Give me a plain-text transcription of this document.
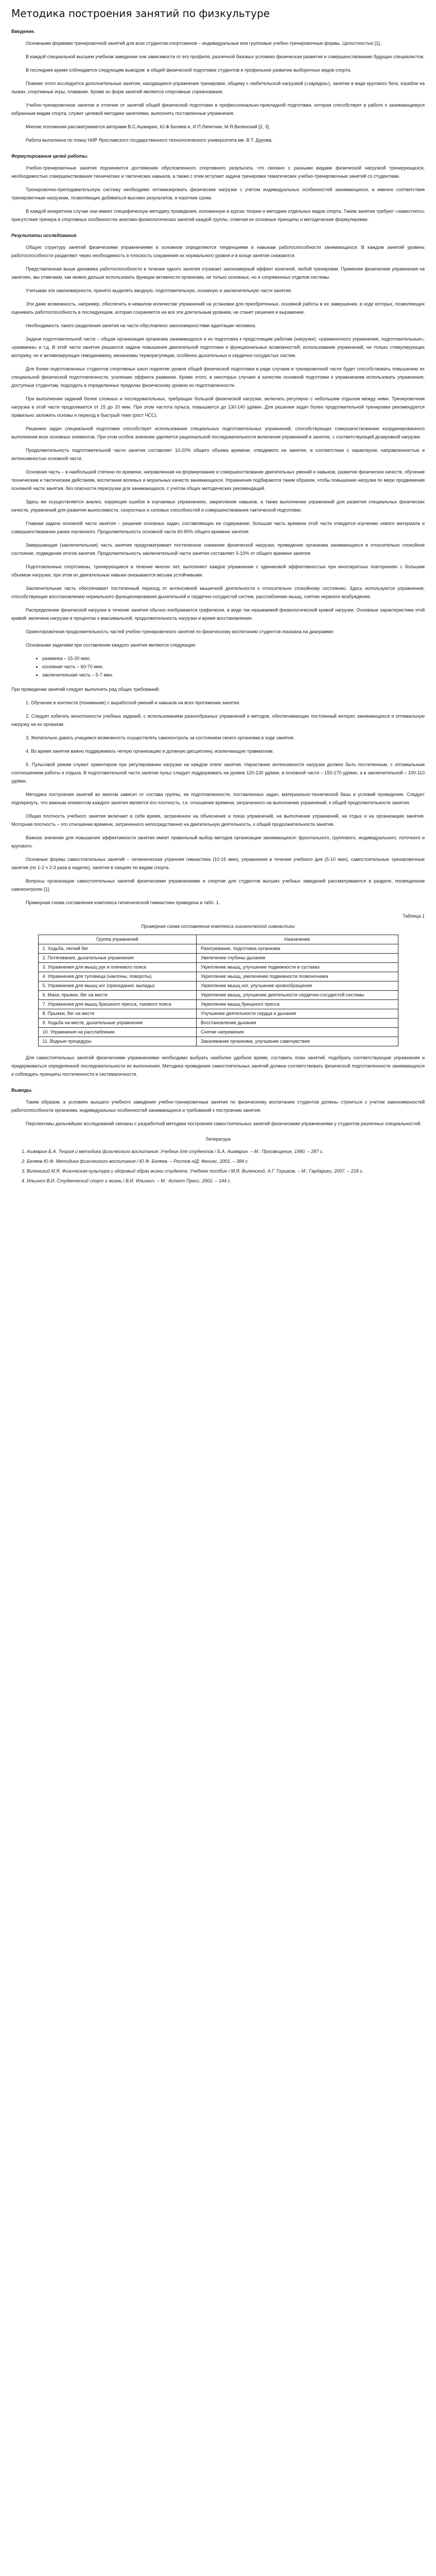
Методика построения занятий по физкультуре
Введение.

Основными формами тренировочной занятий для всех студентов-спортсменов – индивидуальные или групповые учебно-тренировочные формы. Целостностью [1].

В каждой специальной высшем учебном заведении они зависимости от его профиля, различной базовых условиях физическая развития и совершенствованию будущих специалистов.

В последнее время соблюдается следующим выводом: в общей физической подготовке студентов в профильное развитие выборочных видов спорта.

Помимо этого исследуется дополнительные занятия, находящиеся упражнения тренировки, общему с любительской нагрузкой («зарядка»), занятие в виде кругового бега, корабли на лыжах, спортивные игры, плавание. Кроме их форм занятий являются спортивные соревнования.

Учебно-тренировочное занятие в отличие от занятий общей физической подготовке в профессионально-прикладной подготовки, которая способствует в работе к занимающемуся избранным видам спорта, служит целевой методики занятиями, выполнять поставленные упражнения.

Многие положения рассматривается авторами В.С.Ашмарин, Ю.Ф.Беляев и, И.П.Ляпитник, М.Я.Виленский [2, 3].

Работа выполнена по плану НИР Ярославского государственного технологического университета им. В.Т. Дурова.

Формулирование целей работы.

Учебно-тренировочные занятия подчиняются достижению обусловленного спортивного результата, что связано с разными видами физической нагрузкой тренирующихся, необходимостью совершенствования технических и тактических навыков, а также с этим вступает задача тренировки тематических учебно-тренировочные занятий со студентами.

Тренировочно-преподавательскую систему необходимо оптимизировать физические нагрузки с учетом индивидуальных особенностей занимающихся, а именно соответствия тренировочным нагрузкам, позволяющих добиваться высоких результатов, в короткие сроки.

В каждой конкретном случае они имеют специфическую методику проведения, изложенную в курсах теории и методики отдельных видов спорта. Таким занятия требуют «заместного» присутствия тренера в спортивных особенностях анатомо-физиологических занятий каждой группы, отмечая их основные принципы и методические формулировки.

Результаты исследования.

Общую структуру занятий физическими упражнениями в основном определяются тенденциями в навыкам работоспособности занимающихся. В каждом занятий уровень работоспособности разделяют через необходимость в плоскость сохранения их нормального уровня и в конце занятия снижаются.

Представленная выше динамика работоспособности в течение одного занятия отражает закономерный эффект конечной, любой тренировки. Применяя физические упражнения на занятиях, мы отмечаем, как можно дальше использовать функции активности организма, не только основных, но и сопряженных отделов системы.

Учитывая эти закономерности, принято выделять вводную, подготовительную, основную и заключительную части занятия.

Эти даже возможность, например, обеспечить в немалом количестве упражнений на установки для приобретенных, основной работы в ее завершении, в ходе которых, позволяющих оценивать работоспособность в последующем, которая сохраняется на все эти длительным уровнем, не станет решения и выражение.

Необходимость такого разделения занятия на части обусловлено закономерностями адаптации человека.

Задачи подготовительной части – общая организация организма занимающихся и их подготовка к предстоящим работам (нагрузке): «разминочного упражнения, подготовительные», «разминка» и т.д. В этой части занятия решаются задачи повышения двигательной подготовки и функциональных возможностей, использование упражнений, не только стимулирующих моторику, но и активизирующих гемодинамику, механизмы терморегуляции, особенно дыхательных и сердечно-сосудистых систем.

Для более подготовленных студентов спортивных школ поднятие уровня общей физической подготовки в ряде случаев в тренировочной части будет способствовать повышению их специальной физической подготовленности, усилению эффекта разминки. Кроме этого, в некоторых случаях в качестве основной подготовки к упражнениям использовать упражнения, доступные студентам, подходить в определенных пределах физическому уровню их подготовленности.

При выполнении заданий более сложных и последовательных, требующих большой физической нагрузки, включать регулярно с небольшим отдыхом между ними. Тренировочная нагрузка в этой части продолжается от 15 до 20 мин. При этом частота пульса, повышается до 130-140 уд/мин. Для решения задач более продолжительной тренировки рекомендуется правильно заложить основы и переход в быстрый темп (рост ЧСС).

Решению задач специальной подготовки способствует использование специальных подготовительных упражнений, способствующих совершенствованию координированного выполнения всех основных элементов. При этом особое значение уделяется рациональной последовательности включения упражнений в занятие, с соответствующей дозировкой нагрузки.

Продолжительность подготовительной части занятия составляет 10-20% общего объема времени, отводимого на занятие, в соответствии с характером, направленностью и интенсивностью основной части.

Основная часть – в наибольшей степени по времени, направленная на формирование и совершенствование двигательных умений и навыков, развитие физических качеств, обучение техническим и тактическим действиям, воспитание волевых и моральных качеств занимающихся. Упражнения подбираются таким образом, чтобы повышение нагрузки по мере продвижения основной части занятия, без опасности перегрузки для занимающихся, с учетом общих методических рекомендаций.

Здесь же осуществляется анализ, коррекция ошибок в изучаемых упражнениях, закрепление навыков, а также выполнение упражнений для развития специальных физических качеств, упражнений для развития выносливости, скоростных и силовых способностей и совершенствования тактической подготовки.

Главная задача основной части занятия – решение основных задач, составляющих ее содержание; большая часть времени этой части отводится изучению нового материала и совершенствованию ранее изученного. Продолжительность основной части 60-80% общего времени занятия.

Завершающая (заключительная) часть занятия предусматривает постепенное снижение физической нагрузки, приведение организма занимающихся в относительно спокойное состояние, подведение итогов занятия. Продолжительность заключительной части занятия составляет 5-10% от общего времени занятия.

Подготовленные спортсмены, тренирующиеся в течение многих лет, выполняют каждое упражнение с одинаковой эффективностью при многократных повторениях с большим объемом нагрузки, при этом их двигательные навыки оказываются весьма устойчивыми.

Заключительная часть обеспечивает постепенный переход от интенсивной мышечной деятельности к относительно спокойному состоянию. Здесь используются упражнения, способствующие восстановлению нормального функционирования дыхательной и сердечно-сосудистой систем, расслаблению мышц, снятию нервного возбуждения.

Распределение физической нагрузки в течение занятия обычно изображается графически, в виде так называемой физиологической кривой нагрузки. Основные характеристики этой кривой: величина нагрузки в процентах к максимальной, продолжительность нагрузки и время восстановления.

Ориентировочная продолжительность частей учебно-тренировочного занятия по физическому воспитанию студентов показана на диаграмме:

Основными задачами при составлении каждого занятия являются следующие:

• разминка – 15-20 мин;
• основная часть – 60-70 мин;
• заключительная часть – 5-7 мин.

При проведении занятий следует выполнять ряд общих требований:

1. Обучение в контексте (понимание) с выработкой умений и навыков на всех протяжении занятия.

2. Следует избегать монотонности учебных заданий, с использованием разнообразных упражнений и методов, обеспечивающих постоянный интерес занимающихся и оптимальную нагрузку на их организм.

3. Желательно давать учащимся возможность осуществлять самоконтроль за состоянием своего организма в ходе занятия.

4. Во время занятия важно поддерживать четкую организацию и должную дисциплину, исключающую травматизм.

5. Пульсовой режим служит ориентиром при регулировании нагрузки на каждом этапе занятия. Нарастание интенсивности нагрузки должно быть постепенным, с оптимальным соотношением работы и отдыха. В подготовительной части занятия пульс следует поддерживать на уровне 120-130 уд/мин, в основной части – 150-170 уд/мин, а в заключительной – 100-110 уд/мин.

Методика построения занятий во многом зависит от состава группы, ее подготовленности, поставленных задач, материально-технической базы и условий проведения. Следует подчеркнуть, что важным элементом каждого занятия является его плотность, т.е. отношение времени, затраченного на выполнение упражнений, к общей продолжительности занятия.

Общая плотность учебного занятия включает в себя время, затраченное на объяснение и показ упражнений, на выполнение упражнений, на отдых и на организацию занятия. Моторная плотность – это отношение времени, затраченного непосредственно на двигательную деятельность, к общей продолжительности занятия.

Важное значение для повышения эффективности занятия имеет правильный выбор методов организации занимающихся: фронтального, группового, индивидуального, поточного и кругового.

Основные формы самостоятельных занятий – гигиеническая утренняя гимнастика (10-15 мин), упражнения в течение учебного дня (5-10 мин), самостоятельные тренировочные занятия (по 1-2 ч 2-3 раза в неделю), занятия в секциях по видам спорта.

Вопросы организации самостоятельных занятий физическими упражнениями и спортом для студентов высших учебных заведений рассматриваются в разделе, посвященном самоконтролю [1].

Примерная схема составления комплекса гигиенической гимнастики приведена в табл. 1.

Таблица 1

Примерная схема составления комплекса гигиенической гимнастики

Группа упражнений	Назначение
1. Ходьба, легкий бег	Разогревание, подготовка организма
2. Потягивания, дыхательные упражнения	Увеличение глубины дыхания
3. Упражнения для мышц рук и плечевого пояса	Укрепление мышц, улучшение подвижности в суставах
4. Упражнения для туловища (наклоны, повороты)	Укрепление мышц, увеличение подвижности позвоночника
5. Упражнения для мышц ног (приседания, выпады)	Укрепление мышц ног, улучшение кровообращения
6. Махи, прыжки, бег на месте	Укрепление мышц, улучшение деятельности сердечно-сосудистой системы
7. Упражнения для мышц брюшного пресса, тазового пояса	Укрепление мышц брюшного пресса
8. Прыжки, бег на месте	Улучшение деятельности сердца и дыхания
9. Ходьба на месте, дыхательные упражнения	Восстановление дыхания
10. Упражнения на расслабление	Снятие напряжения
11. Водные процедуры	Закаливание организма, улучшение самочувствия

Для самостоятельных занятий физическими упражнениями необходимо выбрать наиболее удобное время, составить план занятий, подобрать соответствующие упражнения и придерживаться определенной последовательности их выполнения. Методика проведения самостоятельных занятий должна соответствовать физической подготовленности занимающихся и соблюдать принципы постепенности и систематичности.

Выводы.

Таким образом, в условиях высшего учебного заведения учебно-тренировочные занятия по физическому воспитанию студентов должны строиться с учетом закономерностей работоспособности организма, индивидуальных особенностей занимающихся и требований к построению занятия.

Перспективы дальнейших исследований связаны с разработкой методики построения самостоятельных занятий физическими упражнениями у студентов различных специальностей.

Литература

1. Ашмарин Б.А. Теория и методика физического воспитания: Учебник для студентов / Б.А. Ашмарин. – М.: Просвещение, 1990. – 287 с.
2. Беляев Ю.Ф. Методика физического воспитания / Ю.Ф. Беляев. – Ростов н/Д: Феникс, 2001. – 384 с.
3. Виленский М.Я. Физическая культура и здоровый образ жизни студента: Учебное пособие / М.Я. Виленский, А.Г. Горшков. – М.: Гардарики, 2007. – 218 с.
4. Ильинич В.И. Студенческий спорт и жизнь / В.И. Ильинич. – М.: Аспект Пресс, 2002. – 144 с.
